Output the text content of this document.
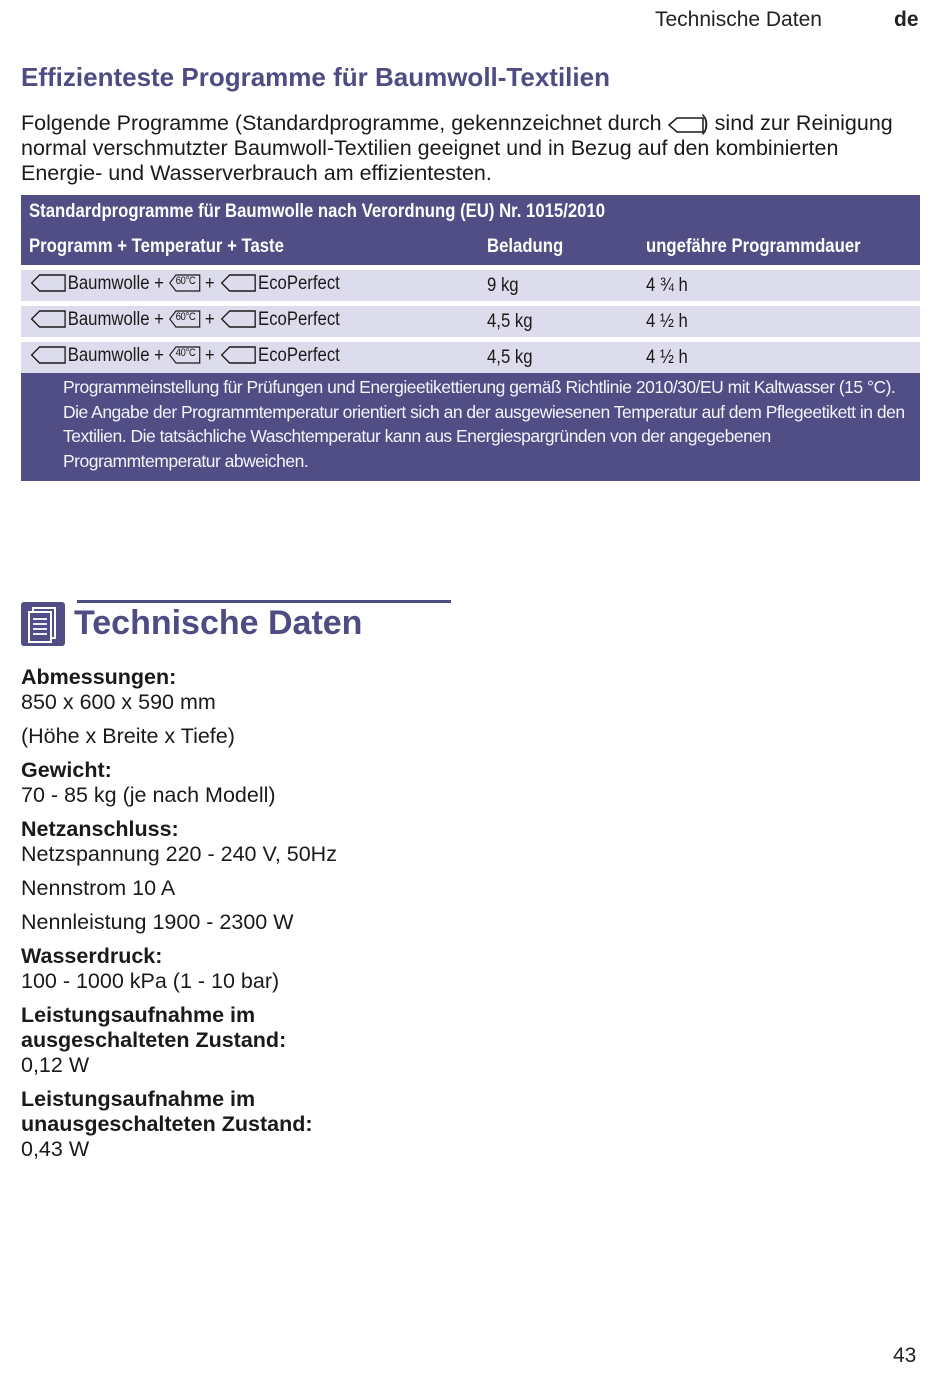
Technische Daten	de
Effizienteste Programme für Baumwoll-Textilien
Folgende Programme (Standardprogramme, gekennzeichnet durch
) sind zur Reinigung normal verschmutzter Baumwoll-Textilien geeignet und in Bezug auf den kombinierten Energie- und Wasserverbrauch am effizientesten.
Standardprogramme für Baumwolle nach Verordnung (EU) Nr. 1015/2010		
Programm + Temperatur + Taste	Beladung	ungefähre Programmdauer
Baumwolle + 60°C + EcoPerfect	9 kg	4 ¾ h
Baumwolle + 60°C + EcoPerfect	4,5 kg	4 ½ h
Baumwolle + 40°C + EcoPerfect	4,5 kg	4 ½ h

Programmeinstellung für Prüfungen und Energieetikettierung gemäß Richtlinie 2010/30/EU mit Kaltwasser (15 °C).
Die Angabe der Programmtemperatur orientiert sich an der ausgewiesenen Temperatur auf dem Pflegeetikett in den Textilien. Die tatsächliche Waschtemperatur kann aus Energiespargründen von der angegebenen Programmtemperatur abweichen.		
Technische Daten
Abmessungen:
850 x 600 x 590 mm
(Höhe x Breite x Tiefe)
Gewicht:
70 - 85 kg (je nach Modell)
Netzanschluss:
Netzspannung 220 - 240 V, 50Hz
Nennstrom 10 A
Nennleistung 1900 - 2300 W
Wasserdruck:
100 - 1000 kPa (1 - 10 bar)
Leistungsaufnahme im ausgeschalteten Zustand:
0,12 W
Leistungsaufnahme im unausgeschalteten Zustand:
0,43 W
43
